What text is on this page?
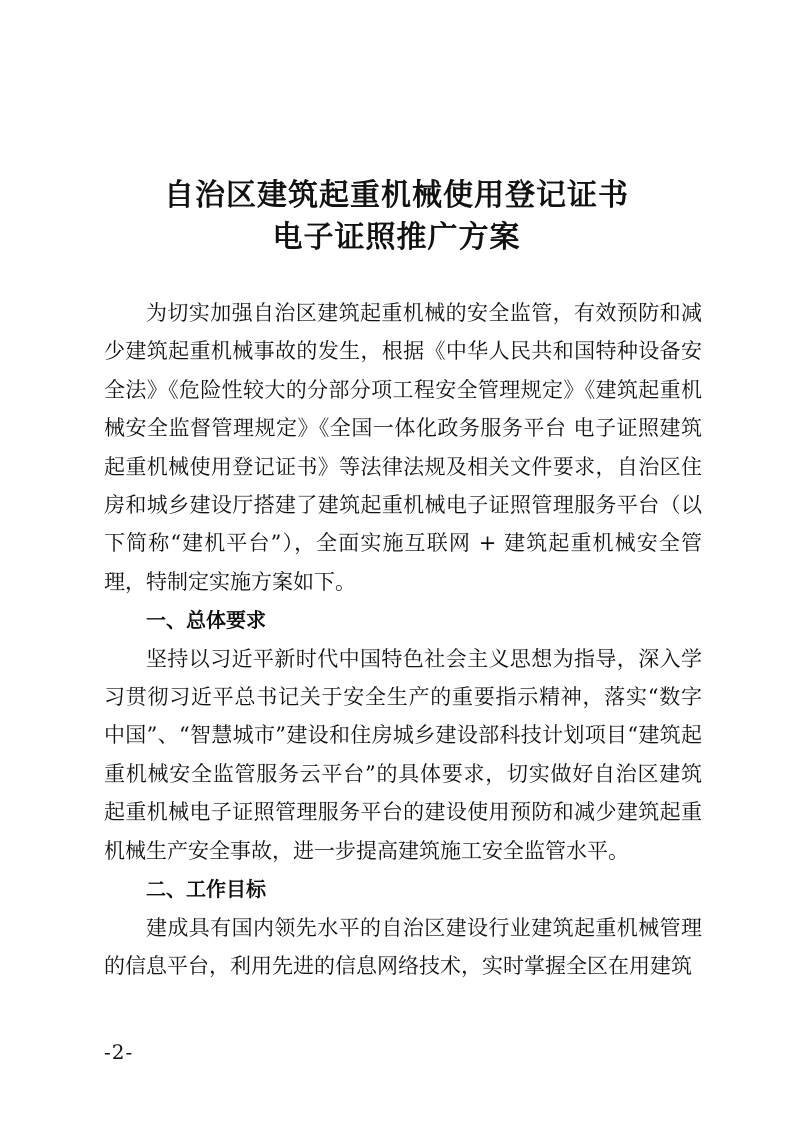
自治区建筑起重机械使用登记证书
电子证照推广方案

为切实加强自治区建筑起重机械的安全监管，有效预防和减少建筑起重机械事故的发生，根据《中华人民共和国特种设备安全法》《危险性较大的分部分项工程安全管理规定》《建筑起重机械安全监督管理规定》《全国一体化政务服务平台 电子证照建筑起重机械使用登记证书》等法律法规及相关文件要求，自治区住房和城乡建设厅搭建了建筑起重机械电子证照管理服务平台（以下简称“建机平台”），全面实施互联网 + 建筑起重机械安全管理，特制定实施方案如下。

一、总体要求

坚持以习近平新时代中国特色社会主义思想为指导，深入学习贯彻习近平总书记关于安全生产的重要指示精神，落实“数字中国”、“智慧城市”建设和住房城乡建设部科技计划项目“建筑起重机械安全监管服务云平台”的具体要求，切实做好自治区建筑起重机械电子证照管理服务平台的建设使用预防和减少建筑起重机械生产安全事故，进一步提高建筑施工安全监管水平。

二、工作目标

建成具有国内领先水平的自治区建设行业建筑起重机械管理的信息平台，利用先进的信息网络技术，实时掌握全区在用建筑

-2-
